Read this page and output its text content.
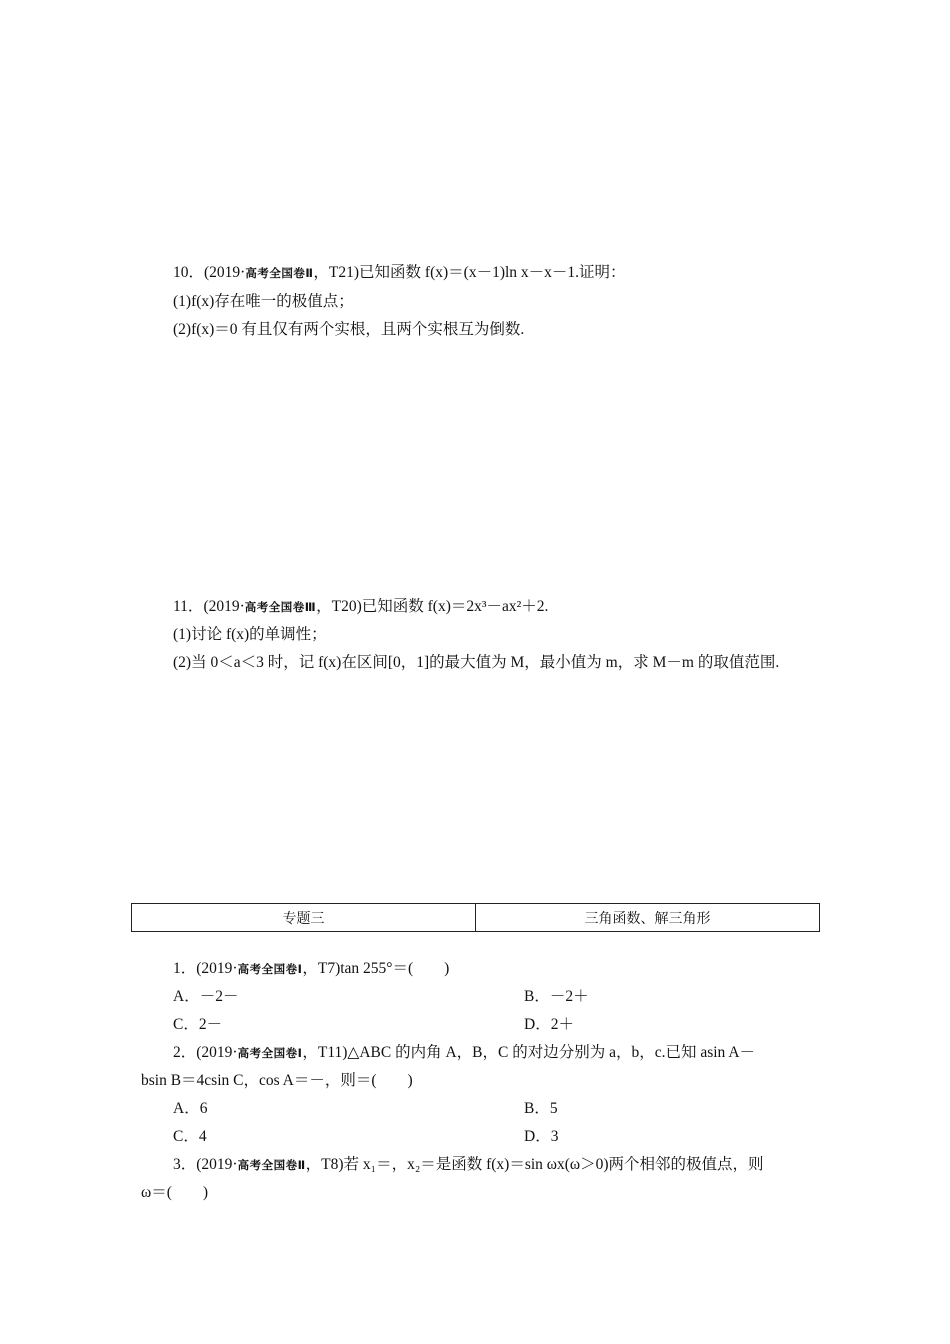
10．(2019·高考全国卷Ⅱ，T21)已知函数 f(x)＝(x－1)ln x－x－1.证明：
(1)f(x)存在唯一的极值点；
(2)f(x)＝0 有且仅有两个实根，且两个实根互为倒数.
11．(2019·高考全国卷Ⅲ，T20)已知函数 f(x)＝2x³－ax²＋2.
(1)讨论 f(x)的单调性；
(2)当 0＜a＜3 时，记 f(x)在区间[0，1]的最大值为 M，最小值为 m，求 M－m 的取值范围.
专题三	三角函数、解三角形
1．(2019·高考全国卷Ⅰ，T7)tan 255°＝(　　)
A．－2－	B．－2＋
C．2－	D．2＋
2．(2019·高考全国卷Ⅰ，T11)△ABC 的内角 A，B，C 的对边分别为 a，b，c.已知 asin A－
bsin B＝4csin C，cos A＝－，则＝(　　)
A．6	B．5
C．4	D．3
3．(2019·高考全国卷Ⅱ，T8)若 x₁＝，x₂＝是函数 f(x)＝sin ωx(ω＞0)两个相邻的极值点，则
ω＝(　　)
